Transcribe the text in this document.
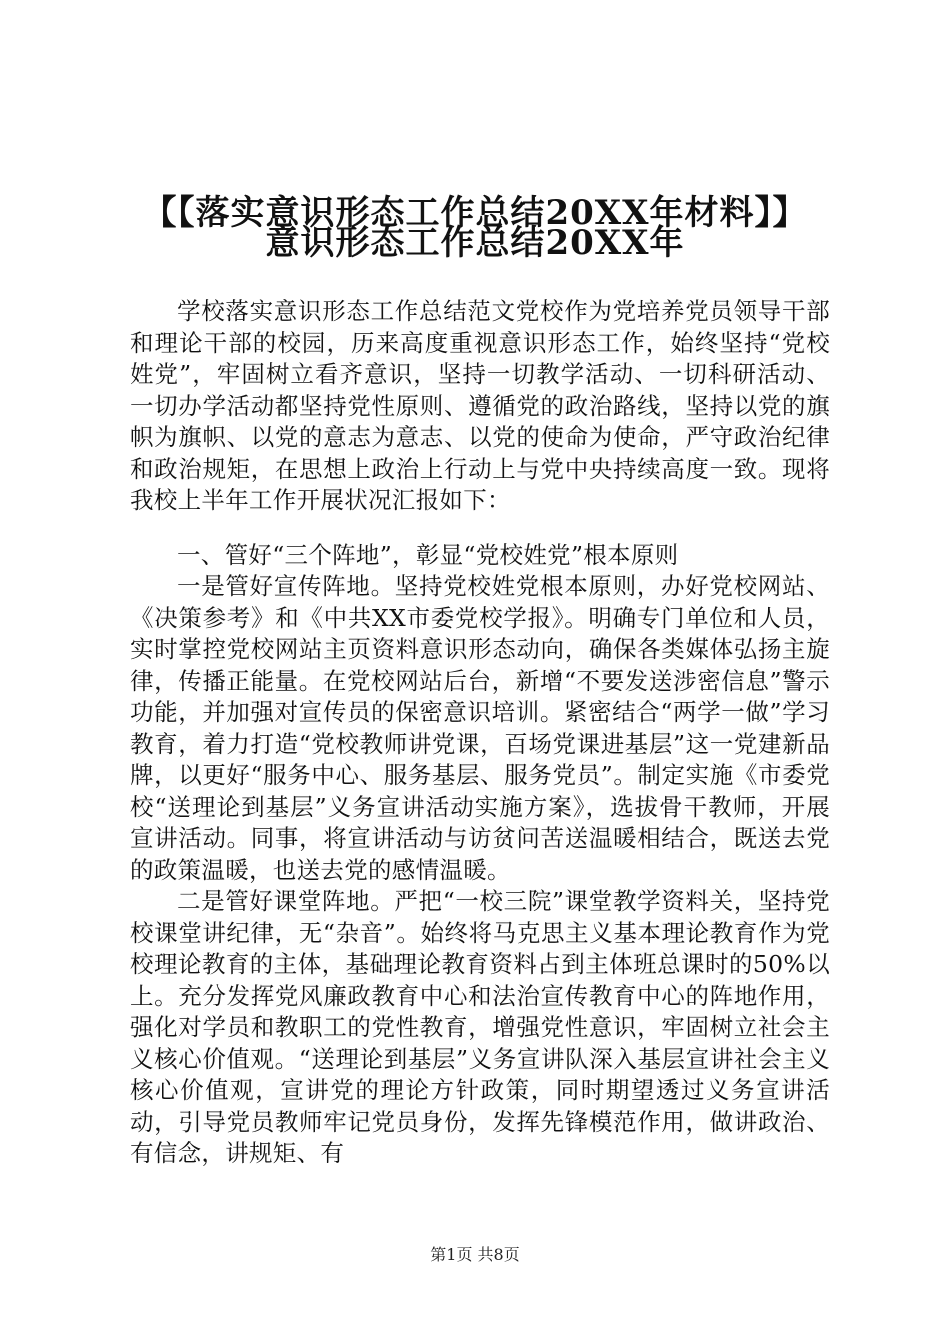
【【落实意识形态工作总结20XX年材料】】
意识形态工作总结20XX年

学校落实意识形态工作总结范文党校作为党培养党员领导干部和理论干部的校园，历来高度重视意识形态工作，始终坚持“党校姓党”，牢固树立看齐意识，坚持一切教学活动、一切科研活动、一切办学活动都坚持党性原则、遵循党的政治路线，坚持以党的旗帜为旗帜、以党的意志为意志、以党的使命为使命，严守政治纪律和政治规矩，在思想上政治上行动上与党中央持续高度一致。现将我校上半年工作开展状况汇报如下：

一、管好“三个阵地”，彰显“党校姓党”根本原则

一是管好宣传阵地。坚持党校姓党根本原则，办好党校网站、《决策参考》和《中共XX市委党校学报》。明确专门单位和人员，实时掌控党校网站主页资料意识形态动向，确保各类媒体弘扬主旋律，传播正能量。在党校网站后台，新增“不要发送涉密信息”警示功能，并加强对宣传员的保密意识培训。紧密结合“两学一做”学习教育，着力打造“党校教师讲党课，百场党课进基层”这一党建新品牌，以更好“服务中心、服务基层、服务党员”。制定实施《市委党校“送理论到基层”义务宣讲活动实施方案》，选拔骨干教师，开展宣讲活动。同事，将宣讲活动与访贫问苦送温暖相结合，既送去党的政策温暖，也送去党的感情温暖。

二是管好课堂阵地。严把“一校三院”课堂教学资料关，坚持党校课堂讲纪律，无“杂音”。始终将马克思主义基本理论教育作为党校理论教育的主体，基础理论教育资料占到主体班总课时的50%以上。充分发挥党风廉政教育中心和法治宣传教育中心的阵地作用，强化对学员和教职工的党性教育，增强党性意识，牢固树立社会主义核心价值观。“送理论到基层”义务宣讲队深入基层宣讲社会主义核心价值观，宣讲党的理论方针政策，同时期望透过义务宣讲活动，引导党员教师牢记党员身份，发挥先锋模范作用，做讲政治、有信念，讲规矩、有

第1页 共8页
